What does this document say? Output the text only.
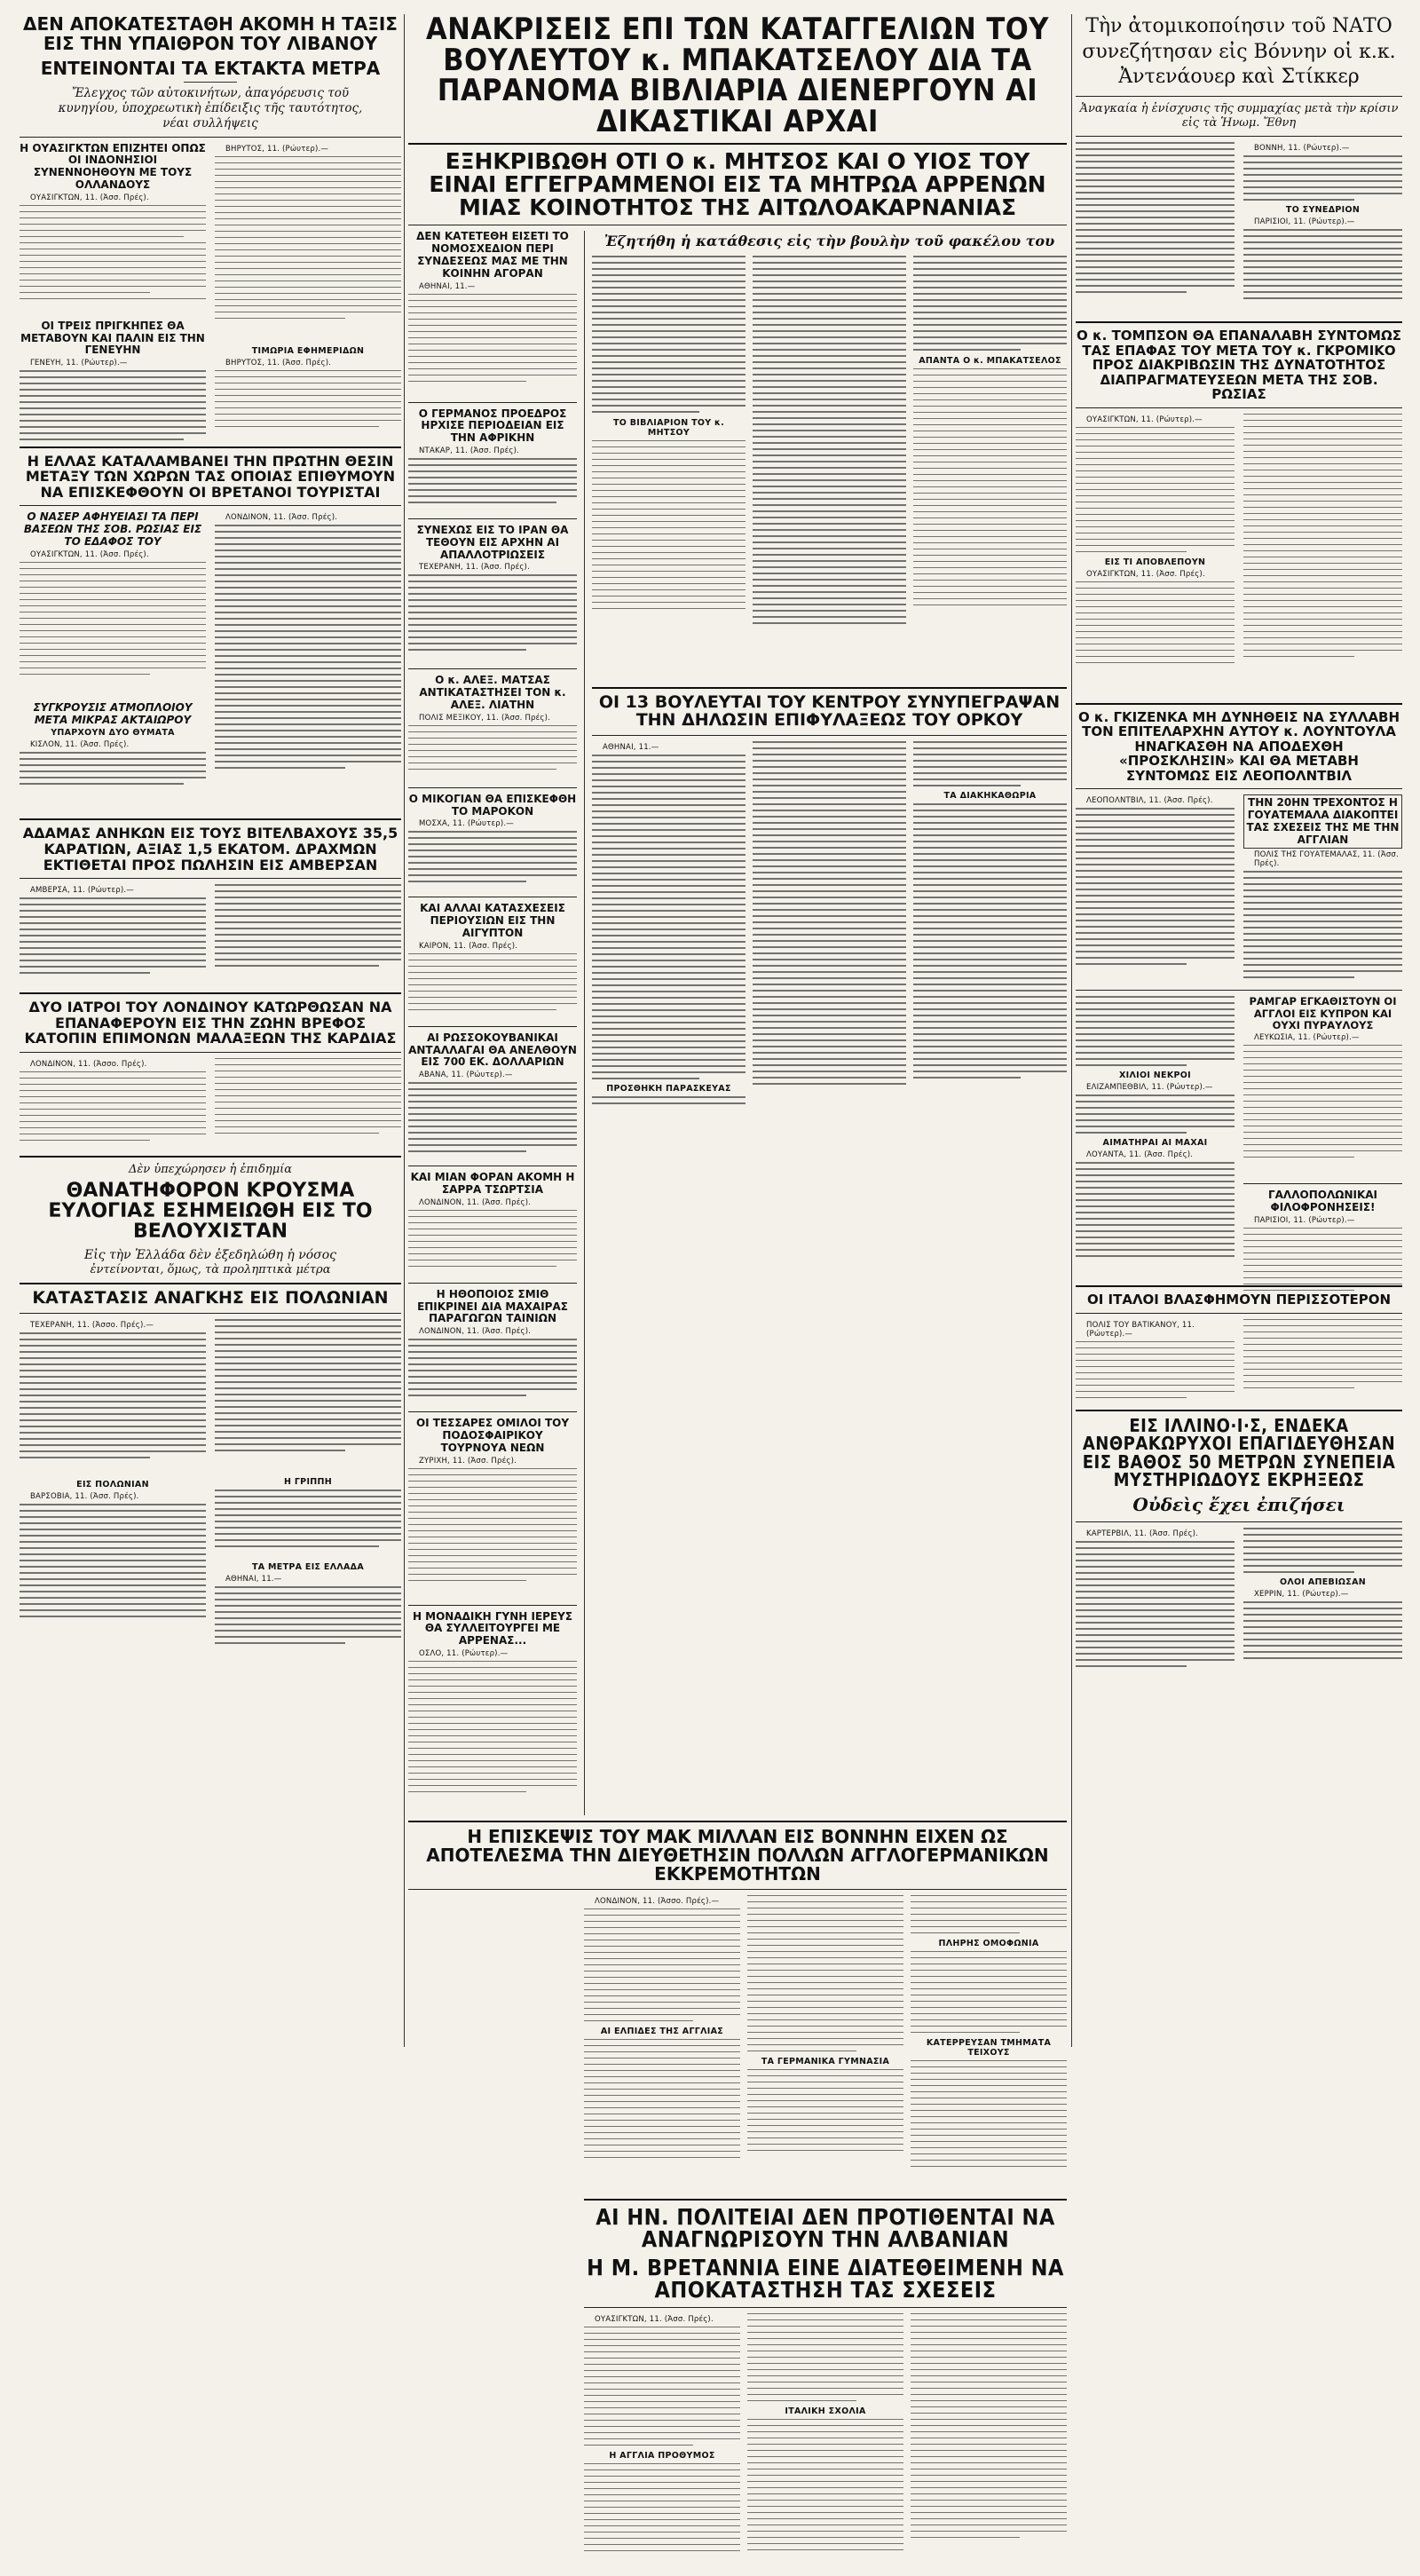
ΔΕΝ ΑΠΟΚΑΤΕΣΤΑΘΗ ΑΚΟΜΗ Η ΤΑΞΙΣ ΕΙΣ ΤΗΝ ΥΠΑΙΘΡΟΝ ΤΟΥ ΛΙΒΑΝΟΥ
ΕΝΤΕΙΝΟΝΤΑΙ ΤΑ ΕΚΤΑΚΤΑ ΜΕΤΡΑ
Ἔλεγχος τῶν αὐτοκινήτων, ἀπαγόρευσις τοῦ κυνηγίου, ὑποχρεωτικὴ ἐπίδειξις τῆς ταυτότητος, νέαι συλλήψεις
Η ΟΥΑΣΙΓΚΤΩΝ ΕΠΙΖΗΤΕΙ ΟΠΩΣ ΟΙ ΙΝΔΟΝΗΣΙΟΙ ΣΥΝΕΝΝΟΗΘΟΥΝ ΜΕ ΤΟΥΣ ΟΛΛΑΝΔΟΥΣ
ΟΥΑΣΙΓΚΤΩΝ, 11. (Ἀσσ. Πρές).
ΟΙ ΤΡΕΙΣ ΠΡΙΓΚΗΠΕΣ ΘΑ ΜΕΤΑΒΟΥΝ ΚΑΙ ΠΑΛΙΝ ΕΙΣ ΤΗΝ ΓΕΝΕΥΗΝ
ΓΕΝΕΥΗ, 11. (Ρώυτερ).—
ΒΗΡΥΤΟΣ, 11. (Ρώυτερ).—
ΤΙΜΩΡΙΑ ΕΦΗΜΕΡΙΔΩΝ
ΒΗΡΥΤΟΣ, 11. (Ἀσσ. Πρές).
Η ΕΛΛΑΣ ΚΑΤΑΛΑΜΒΑΝΕΙ ΤΗΝ ΠΡΩΤΗΝ ΘΕΣΙΝ ΜΕΤΑΞΥ ΤΩΝ ΧΩΡΩΝ ΤΑΣ ΟΠΟΙΑΣ ΕΠΙΘΥΜΟΥΝ ΝΑ ΕΠΙΣΚΕΦΘΟΥΝ ΟΙ ΒΡΕΤΑΝΟΙ ΤΟΥΡΙΣΤΑΙ
Ο ΝΑΣΕΡ ΑΦΗΥΕΙΑΣΙ ΤΑ ΠΕΡΙ ΒΑΣΕΩΝ ΤΗΣ ΣΟΒ. ΡΩΣΙΑΣ ΕΙΣ ΤΟ ΕΔΑΦΟΣ ΤΟΥ
ΟΥΑΣΙΓΚΤΩΝ, 11. (Ἀσσ. Πρές).
ΣΥΓΚΡΟΥΣΙΣ ΑΤΜΟΠΛΟΙΟΥ ΜΕΤΑ ΜΙΚΡΑΣ ΑΚΤΑΙΩΡΟΥ
ΥΠΑΡΧΟΥΝ ΔΥΟ ΘΥΜΑΤΑ
ΚΙΣΛΟΝ, 11. (Ἀσσ. Πρές).
ΛΟΝΔΙΝΟΝ, 11. (Ἀσσ. Πρές).
ΑΔΑΜΑΣ ΑΝΗΚΩΝ ΕΙΣ ΤΟΥΣ ΒΙΤΕΛΒΑΧΟΥΣ 35,5 ΚΑΡΑΤΙΩΝ, ΑΞΙΑΣ 1,5 ΕΚΑΤΟΜ. ΔΡΑΧΜΩΝ ΕΚΤΙΘΕΤΑΙ ΠΡΟΣ ΠΩΛΗΣΙΝ ΕΙΣ ΑΜΒΕΡΣΑΝ
ΑΜΒΕΡΣΑ, 11. (Ρώυτερ).—
ΔΥΟ ΙΑΤΡΟΙ ΤΟΥ ΛΟΝΔΙΝΟΥ ΚΑΤΩΡΘΩΣΑΝ ΝΑ ΕΠΑΝΑΦΕΡΟΥΝ ΕΙΣ ΤΗΝ ΖΩΗΝ ΒΡΕΦΟΣ ΚΑΤΟΠΙΝ ΕΠΙΜΟΝΩΝ ΜΑΛΑΞΕΩΝ ΤΗΣ ΚΑΡΔΙΑΣ
ΛΟΝΔΙΝΟΝ, 11. (Ἀσσο. Πρές).
Δὲν ὑπεχώρησεν ἡ ἐπιδημία
ΘΑΝΑΤΗΦΟΡΟΝ ΚΡΟΥΣΜΑ ΕΥΛΟΓΙΑΣ ΕΣΗΜΕΙΩΘΗ ΕΙΣ ΤΟ ΒΕΛΟΥΧΙΣΤΑΝ
Εἰς τὴν Ἑλλάδα δὲν ἐξεδηλώθη ἡ νόσος
ἐντείνονται, ὅμως, τὰ προληπτικὰ μέτρα
ΚΑΤΑΣΤΑΣΙΣ ΑΝΑΓΚΗΣ ΕΙΣ ΠΟΛΩΝΙΑΝ
ΤΕΧΕΡΑΝΗ, 11. (Ἀσσο. Πρές).—
ΕΙΣ ΠΟΛΩΝΙΑΝ
ΒΑΡΣΟΒΙΑ, 11. (Ἀσσ. Πρές).
Η ΓΡΙΠΠΗ
ΤΑ ΜΕΤΡΑ ΕΙΣ ΕΛΛΑΔΑ
ΑΘΗΝΑΙ, 11.—
ΑΝΑΚΡΙΣΕΙΣ ΕΠΙ ΤΩΝ ΚΑΤΑΓΓΕΛΙΩΝ ΤΟΥ ΒΟΥΛΕΥΤΟΥ κ. ΜΠΑΚΑΤΣΕΛΟΥ ΔΙΑ ΤΑ ΠΑΡΑΝΟΜΑ ΒΙΒΛΙΑΡΙΑ ΔΙΕΝΕΡΓΟΥΝ ΑΙ ΔΙΚΑΣΤΙΚΑΙ ΑΡΧΑΙ
ΕΞΗΚΡΙΒΩΘΗ ΟΤΙ Ο κ. ΜΗΤΣΟΣ ΚΑΙ Ο ΥΙΟΣ ΤΟΥ ΕΙΝΑΙ ΕΓΓΕΓΡΑΜΜΕΝΟΙ ΕΙΣ ΤΑ ΜΗΤΡΩΑ ΑΡΡΕΝΩΝ ΜΙΑΣ ΚΟΙΝΟΤΗΤΟΣ ΤΗΣ ΑΙΤΩΛΟΑΚΑΡΝΑΝΙΑΣ
ΔΕΝ ΚΑΤΕΤΕΘΗ ΕΙΣΕΤΙ ΤΟ ΝΟΜΟΣΧΕΔΙΟΝ ΠΕΡΙ ΣΥΝΔΕΣΕΩΣ ΜΑΣ ΜΕ ΤΗΝ ΚΟΙΝΗΝ ΑΓΟΡΑΝ
ΑΘΗΝΑΙ, 11.—
Ο ΓΕΡΜΑΝΟΣ ΠΡΟΕΔΡΟΣ ΗΡΧΙΣΕ ΠΕΡΙΟΔΕΙΑΝ ΕΙΣ ΤΗΝ ΑΦΡΙΚΗΝ
ΝΤΑΚΑΡ, 11. (Ἀσσ. Πρές).
ΣΥΝΕΧΩΣ ΕΙΣ ΤΟ ΙΡΑΝ ΘΑ ΤΕΘΟΥΝ ΕΙΣ ΑΡΧΗΝ ΑΙ ΑΠΑΛΛΟΤΡΙΩΣΕΙΣ
ΤΕΧΕΡΑΝΗ, 11. (Ἀσσ. Πρές).
Ο κ. ΑΛΕΞ. ΜΑΤΣΑΣ ΑΝΤΙΚΑΤΑΣΤΗΣΕΙ ΤΟΝ κ. ΑΛΕΞ. ΛΙΑΤΗΝ
ΠΟΛΙΣ ΜΕΞΙΚΟΥ, 11. (Ἀσσ. Πρές).
Ο ΜΙΚΟΓΙΑΝ ΘΑ ΕΠΙΣΚΕΦΘΗ ΤΟ ΜΑΡΟΚΟΝ
ΜΟΣΧΑ, 11. (Ρώυτερ).—
ΚΑΙ ΑΛΛΑΙ ΚΑΤΑΣΧΕΣΕΙΣ ΠΕΡΙΟΥΣΙΩΝ ΕΙΣ ΤΗΝ ΑΙΓΥΠΤΟΝ
ΚΑΙΡΟΝ, 11. (Ἀσσ. Πρές).
ΑΙ ΡΩΣΣΟΚΟΥΒΑΝΙΚΑΙ ΑΝΤΑΛΛΑΓΑΙ ΘΑ ΑΝΕΛΘΟΥΝ ΕΙΣ 700 ΕΚ. ΔΟΛΛΑΡΙΩΝ
ΑΒΑΝΑ, 11. (Ρώυτερ).—
ΚΑΙ ΜΙΑΝ ΦΟΡΑΝ ΑΚΟΜΗ Η ΣΑΡΡΑ ΤΣΩΡΤΣΙΑ
ΛΟΝΔΙΝΟΝ, 11. (Ἀσσ. Πρές).
Η ΗΘΟΠΟΙΟΣ ΣΜΙΘ ΕΠΙΚΡΙΝΕΙ ΔΙΑ ΜΑΧΑΙΡΑΣ ΠΑΡΑΓΩΓΩΝ ΤΑΙΝΙΩΝ
ΛΟΝΔΙΝΟΝ, 11. (Ἀσσ. Πρές).
ΟΙ ΤΕΣΣΑΡΕΣ ΟΜΙΛΟΙ ΤΟΥ ΠΟΔΟΣΦΑΙΡΙΚΟΥ ΤΟΥΡΝΟΥΑ ΝΕΩΝ
ΖΥΡΙΧΗ, 11. (Ἀσσ. Πρές).
Η ΜΟΝΑΔΙΚΗ ΓΥΝΗ ΙΕΡΕΥΣ ΘΑ ΣΥΛΛΕΙΤΟΥΡΓΕΙ ΜΕ ΑΡΡΕΝΑΣ...
ΟΣΛΟ, 11. (Ρώυτερ).—
Ἐζητήθη ἡ κατάθεσις εἰς τὴν βουλὴν τοῦ φακέλου του
ΤΟ ΒΙΒΛΙΑΡΙΟΝ ΤΟΥ κ. ΜΗΤΣΟΥ
ΑΠΑΝΤΑ Ο κ. ΜΠΑΚΑΤΣΕΛΟΣ
ΟΙ 13 ΒΟΥΛΕΥΤΑΙ ΤΟΥ ΚΕΝΤΡΟΥ ΣΥΝΥΠΕΓΡΑΨΑΝ ΤΗΝ ΔΗΛΩΣΙΝ ΕΠΙΦΥΛΑΞΕΩΣ ΤΟΥ ΟΡΚΟΥ
ΑΘΗΝΑΙ, 11.—
ΠΡΟΣΘΗΚΗ ΠΑΡΑΣΚΕΥΑΣ
ΤΑ ΔΙΑΚΗΚΑΘΩΡΙΑ
Η ΕΠΙΣΚΕΨΙΣ ΤΟΥ ΜΑΚ ΜΙΛΛΑΝ ΕΙΣ ΒΟΝΝΗΝ ΕΙΧΕΝ ΩΣ ΑΠΟΤΕΛΕΣΜΑ ΤΗΝ ΔΙΕΥΘΕΤΗΣΙΝ ΠΟΛΛΩΝ ΑΓΓΛΟΓΕΡΜΑΝΙΚΩΝ ΕΚΚΡΕΜΟΤΗΤΩΝ
ΛΟΝΔΙΝΟΝ, 11. (Ἀσσο. Πρές).—
ΑΙ ΕΛΠΙΔΕΣ ΤΗΣ ΑΓΓΛΙΑΣ
ΤΑ ΓΕΡΜΑΝΙΚΑ ΓΥΜΝΑΣΙΑ
ΠΛΗΡΗΣ ΟΜΟΦΩΝΙΑ
ΚΑΤΕΡΡΕΥΣΑΝ ΤΜΗΜΑΤΑ ΤΕΙΧΟΥΣ
ΑΙ ΗΝ. ΠΟΛΙΤΕΙΑΙ ΔΕΝ ΠΡΟΤΙΘΕΝΤΑΙ ΝΑ ΑΝΑΓΝΩΡΙΣΟΥΝ ΤΗΝ ΑΛΒΑΝΙΑΝ
Η Μ. ΒΡΕΤΑΝΝΙΑ ΕΙΝΕ ΔΙΑΤΕΘΕΙΜΕΝΗ ΝΑ ΑΠΟΚΑΤΑΣΤΗΣΗ ΤΑΣ ΣΧΕΣΕΙΣ
ΟΥΑΣΙΓΚΤΩΝ, 11. (Ἀσσ. Πρές).
Η ΑΓΓΛΙΑ ΠΡΟΘΥΜΟΣ
ΙΤΑΛΙΚΗ ΣΧΟΛΙΑ
Τὴν ἀτομικοποίησιν τοῦ ΝΑΤΟ συνεζήτησαν εἰς Βόννην οἱ κ.κ. Ἀντενάουερ καὶ Στίκκερ
Ἀναγκαία ἡ ἐνίσχυσις τῆς συμμαχίας μετὰ τὴν κρίσιν εἰς τὰ Ἡνωμ. Ἔθνη
ΒΟΝΝΗ, 11. (Ρώυτερ).—
ΤΟ ΣΥΝΕΔΡΙΟΝ
ΠΑΡΙΣΙΟΙ, 11. (Ρώυτερ).—
Ο κ. ΤΟΜΠΣΟΝ ΘΑ ΕΠΑΝΑΛΑΒΗ ΣΥΝΤΟΜΩΣ ΤΑΣ ΕΠΑΦΑΣ ΤΟΥ ΜΕΤΑ ΤΟΥ κ. ΓΚΡΟΜΙΚΟ ΠΡΟΣ ΔΙΑΚΡΙΒΩΣΙΝ ΤΗΣ ΔΥΝΑΤΟΤΗΤΟΣ ΔΙΑΠΡΑΓΜΑΤΕΥΣΕΩΝ ΜΕΤΑ ΤΗΣ ΣΟΒ. ΡΩΣΙΑΣ
ΟΥΑΣΙΓΚΤΩΝ, 11. (Ρώυτερ).—
ΕΙΣ ΤΙ ΑΠΟΒΛΕΠΟΥΝ
ΟΥΑΣΙΓΚΤΩΝ, 11. (Ἀσσ. Πρές).
Ο κ. ΓΚΙΖΕΝΚΑ ΜΗ ΔΥΝΗΘΕΙΣ ΝΑ ΣΥΛΛΑΒΗ ΤΟΝ ΕΠΙΤΕΛΑΡΧΗΝ ΑΥΤΟΥ κ. ΛΟΥΝΤΟΥΛΑ ΗΝΑΓΚΑΣΘΗ ΝΑ ΑΠΟΔΕΧΘΗ «ΠΡΟΣΚΛΗΣΙΝ» ΚΑΙ ΘΑ ΜΕΤΑΒΗ ΣΥΝΤΟΜΩΣ ΕΙΣ ΛΕΟΠΟΛΝΤΒΙΛ
ΛΕΟΠΟΛΝΤΒΙΛ, 11. (Ἀσσ. Πρές).	ΤΗΝ 20ΗΝ ΤΡΕΧΟΝΤΟΣ Η ΓΟΥΑΤΕΜΑΛΑ ΔΙΑΚΟΠΤΕΙ ΤΑΣ ΣΧΕΣΕΙΣ ΤΗΣ ΜΕ ΤΗΝ ΑΓΓΛΙΑΝ
ΠΟΛΙΣ ΤΗΣ ΓΟΥΑΤΕΜΑΛΑΣ, 11. (Ἀσσ. Πρές).
ΧΙΛΙΟΙ ΝΕΚΡΟΙ
ΕΛΙΖΑΜΠΕΘΒΙΛ, 11. (Ρώυτερ).—
ΑΙΜΑΤΗΡΑΙ ΑΙ ΜΑΧΑΙ
ΛΟΥΑΝΤΑ, 11. (Ἀσσ. Πρές).
ΡΑΜΓΑΡ ΕΓΚΑΘΙΣΤΟΥΝ ΟΙ ΑΓΓΛΟΙ ΕΙΣ ΚΥΠΡΟΝ ΚΑΙ ΟΥΧΙ ΠΥΡΑΥΛΟΥΣ
ΛΕΥΚΩΣΙΑ, 11. (Ρώυτερ).—
ΓΑΛΛΟΠΟΛΩΝΙΚΑΙ ΦΙΛΟΦΡΟΝΗΣΕΙΣ!
ΠΑΡΙΣΙΟΙ, 11. (Ρώυτερ).—
ΟΙ ΙΤΑΛΟΙ ΒΛΑΣΦΗΜΟΥΝ ΠΕΡΙΣΣΟΤΕΡΟΝ
ΠΟΛΙΣ ΤΟΥ ΒΑΤΙΚΑΝΟΥ, 11. (Ρώυτερ).—
ΕΙΣ ΙΛΛΙΝΟ·Ι·Σ, ΕΝΔΕΚΑ ΑΝΘΡΑΚΩΡΥΧΟΙ ΕΠΑΓΙΔΕΥΘΗΣΑΝ ΕΙΣ ΒΑΘΟΣ 50 ΜΕΤΡΩΝ ΣΥΝΕΠΕΙΑ ΜΥΣΤΗΡΙΩΔΟΥΣ ΕΚΡΗΞΕΩΣ
Οὐδεὶς ἔχει ἐπιζήσει
ΚΑΡΤΕΡΒΙΛ, 11. (Ἀσσ. Πρές).
ΟΛΟΙ ΑΠΕΒΙΩΣΑΝ
ΧΕΡΡΙΝ, 11. (Ρώυτερ).—
